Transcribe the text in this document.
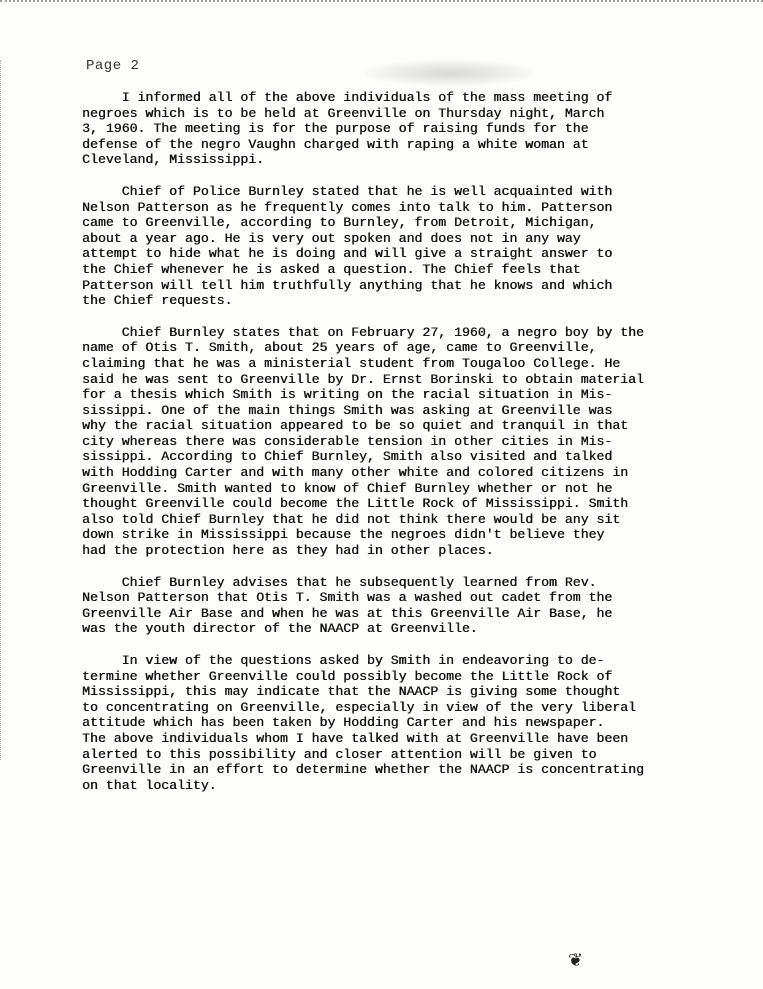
Page 2
I informed all of the above individuals of the mass meeting of
negroes which is to be held at Greenville on Thursday night, March
3, 1960. The meeting is for the purpose of raising funds for the
defense of the negro Vaughn charged with raping a white woman at
Cleveland, Mississippi.
Chief of Police Burnley stated that he is well acquainted with
Nelson Patterson as he frequently comes into talk to him. Patterson
came to Greenville, according to Burnley, from Detroit, Michigan,
about a year ago. He is very out spoken and does not in any way
attempt to hide what he is doing and will give a straight answer to
the Chief whenever he is asked a question. The Chief feels that
Patterson will tell him truthfully anything that he knows and which
the Chief requests.
Chief Burnley states that on February 27, 1960, a negro boy by the
name of Otis T. Smith, about 25 years of age, came to Greenville,
claiming that he was a ministerial student from Tougaloo College. He
said he was sent to Greenville by Dr. Ernst Borinski to obtain material
for a thesis which Smith is writing on the racial situation in Mis-
sissippi. One of the main things Smith was asking at Greenville was
why the racial situation appeared to be so quiet and tranquil in that
city whereas there was considerable tension in other cities in Mis-
sissippi. According to Chief Burnley, Smith also visited and talked
with Hodding Carter and with many other white and colored citizens in
Greenville. Smith wanted to know of Chief Burnley whether or not he
thought Greenville could become the Little Rock of Mississippi. Smith
also told Chief Burnley that he did not think there would be any sit
down strike in Mississippi because the negroes didn't believe they
had the protection here as they had in other places.
Chief Burnley advises that he subsequently learned from Rev.
Nelson Patterson that Otis T. Smith was a washed out cadet from the
Greenville Air Base and when he was at this Greenville Air Base, he
was the youth director of the NAACP at Greenville.
In view of the questions asked by Smith in endeavoring to de-
termine whether Greenville could possibly become the Little Rock of
Mississippi, this may indicate that the NAACP is giving some thought
to concentrating on Greenville, especially in view of the very liberal
attitude which has been taken by Hodding Carter and his newspaper.
The above individuals whom I have talked with at Greenville have been
alerted to this possibility and closer attention will be given to
Greenville in an effort to determine whether the NAACP is concentrating
on that locality.
❦
